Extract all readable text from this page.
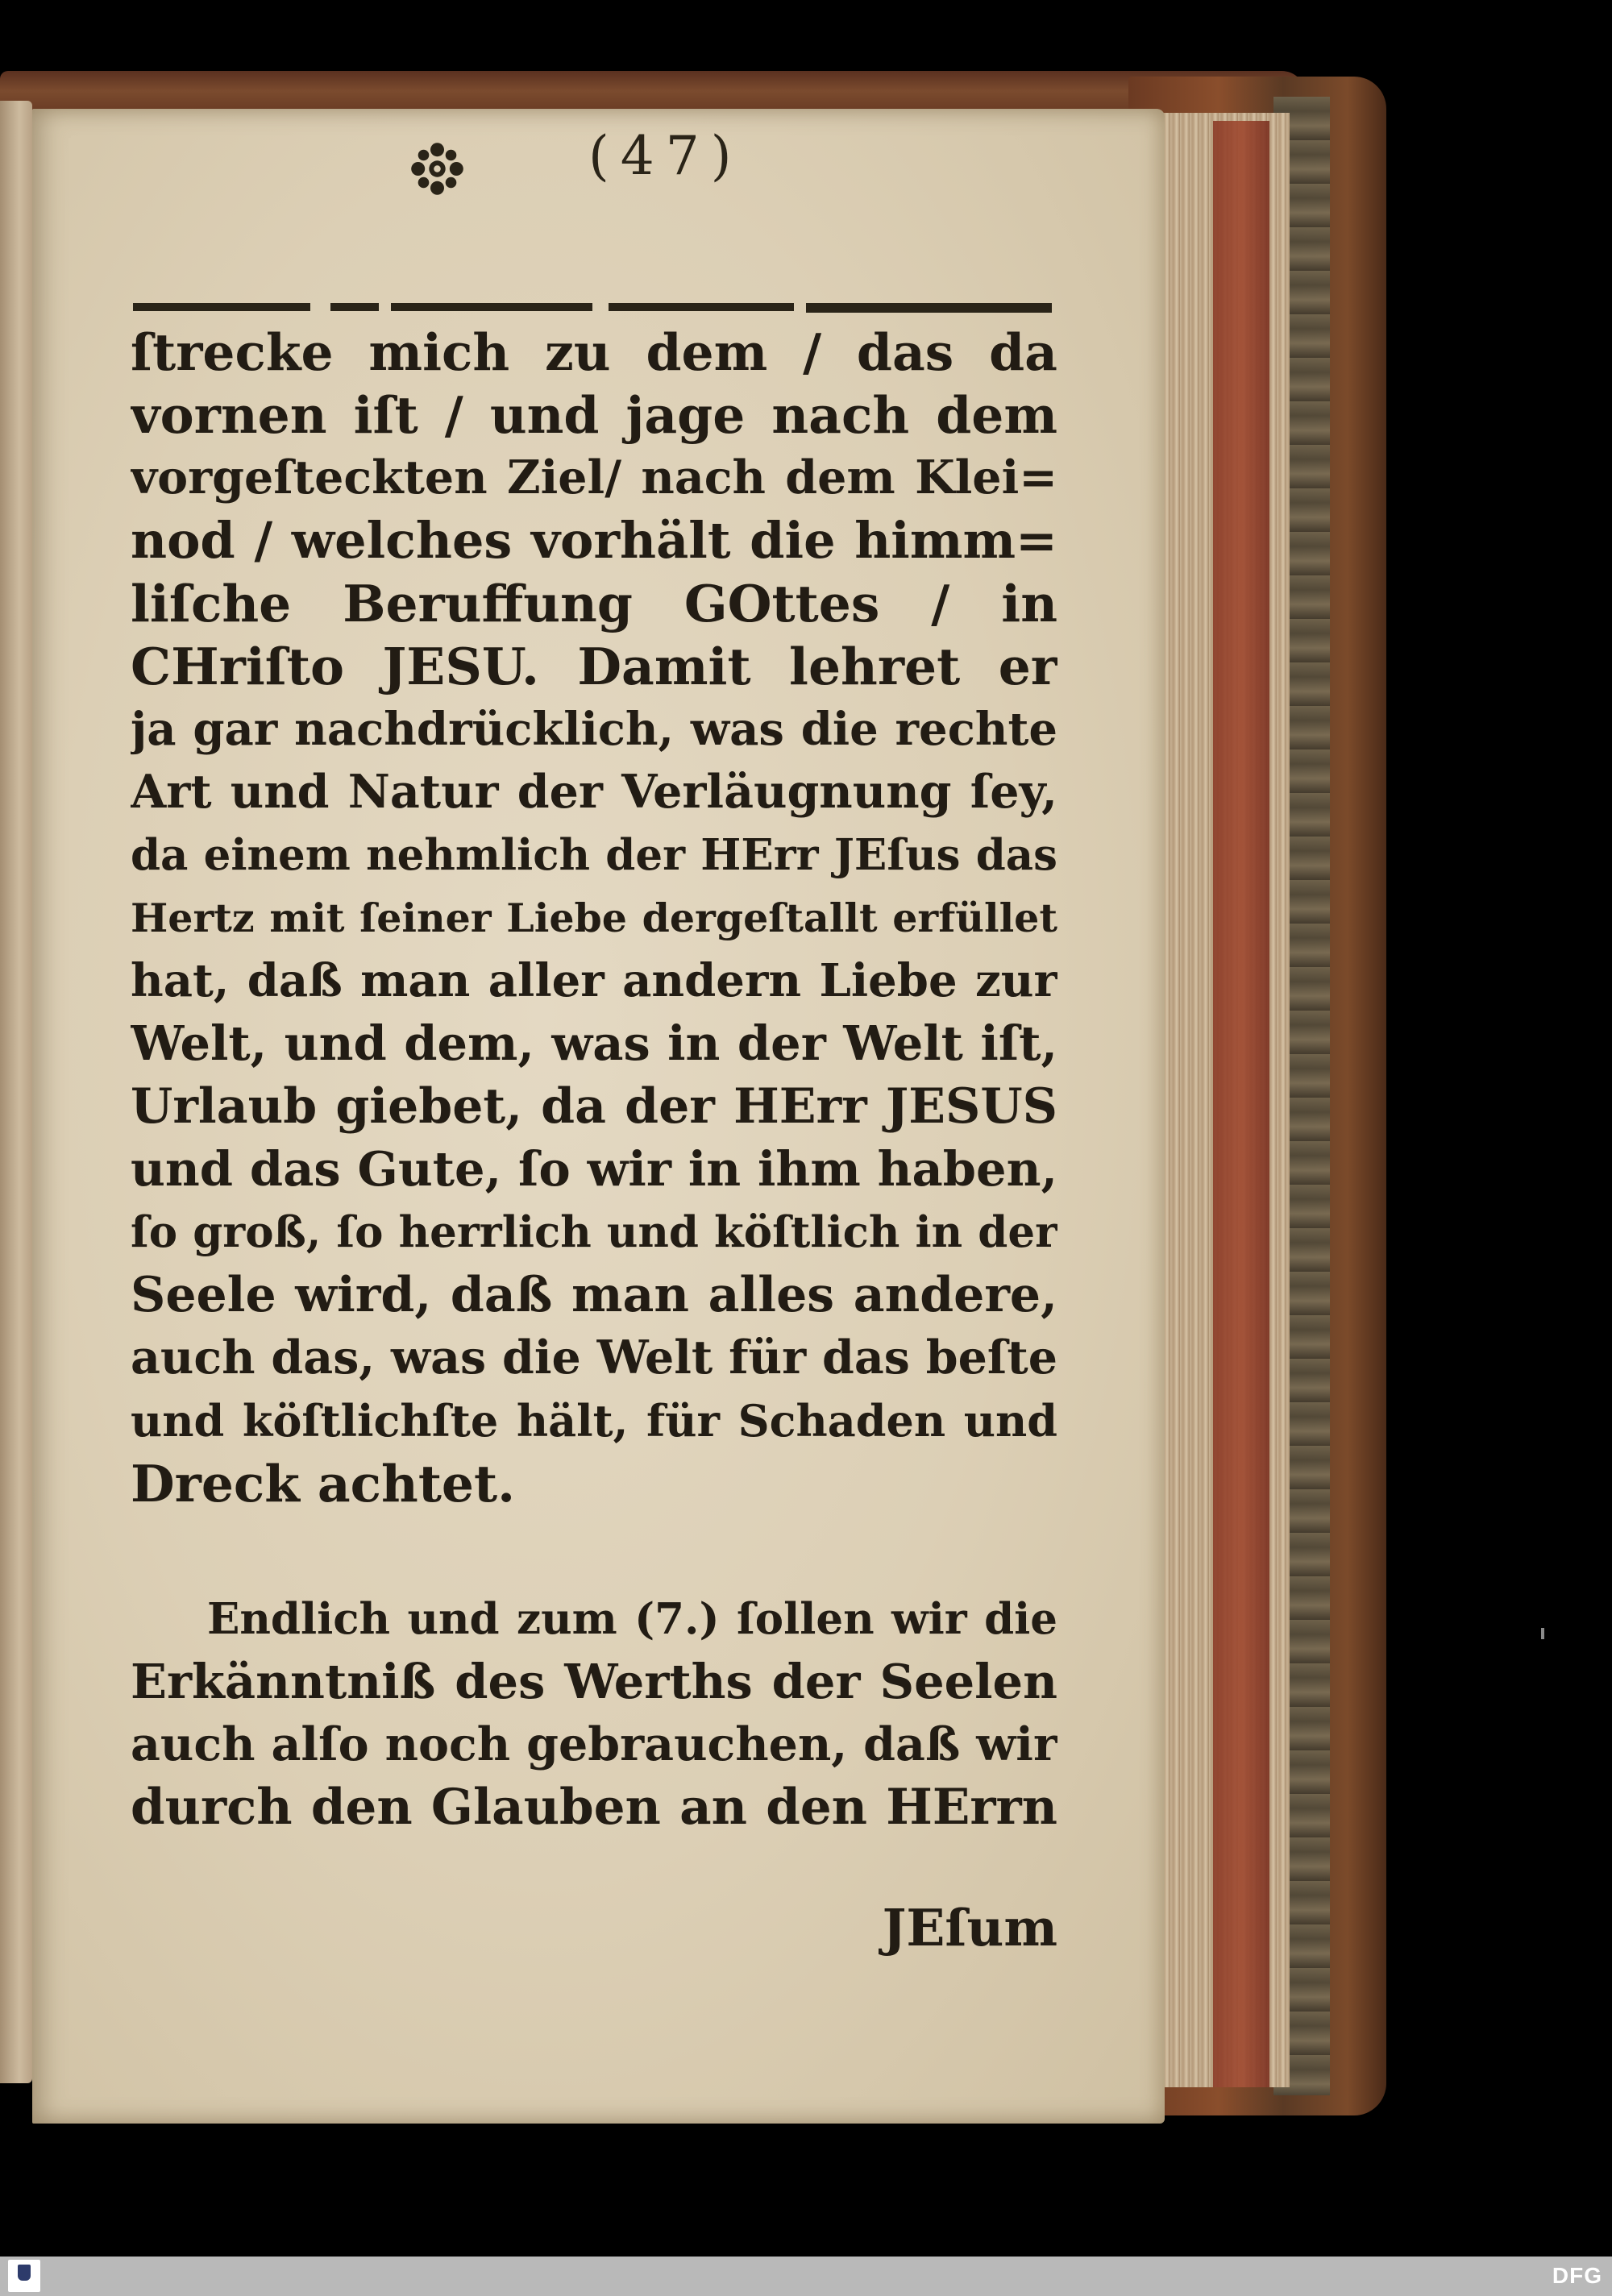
(47)
ſtrecke mich zu dem / das da
vornen iſt / und jage nach dem
vorgeſteckten Ziel/ nach dem Klei=
nod / welches vorhält die himm=
liſche Beruffung GOttes / in
CHriſto JESU. Damit lehret er
ja gar nachdrücklich, was die rechte
Art und Natur der Verläugnung ſey,
da einem nehmlich der HErr JEſus das
Hertz mit ſeiner Liebe dergeſtallt erfüllet
hat, daß man aller andern Liebe zur
Welt, und dem, was in der Welt iſt,
Urlaub giebet, da der HErr JESUS
und das Gute, ſo wir in ihm haben,
ſo groß, ſo herrlich und köſtlich in der
Seele wird, daß man alles andere,
auch das, was die Welt für das beſte
und köſtlichſte hält, für Schaden und
Dreck achtet.
Endlich und zum (7.) ſollen wir die
Erkänntniß des Werths der Seelen
auch alſo noch gebrauchen, daß wir
durch den Glauben an den HErrn
JEſum
DFG
